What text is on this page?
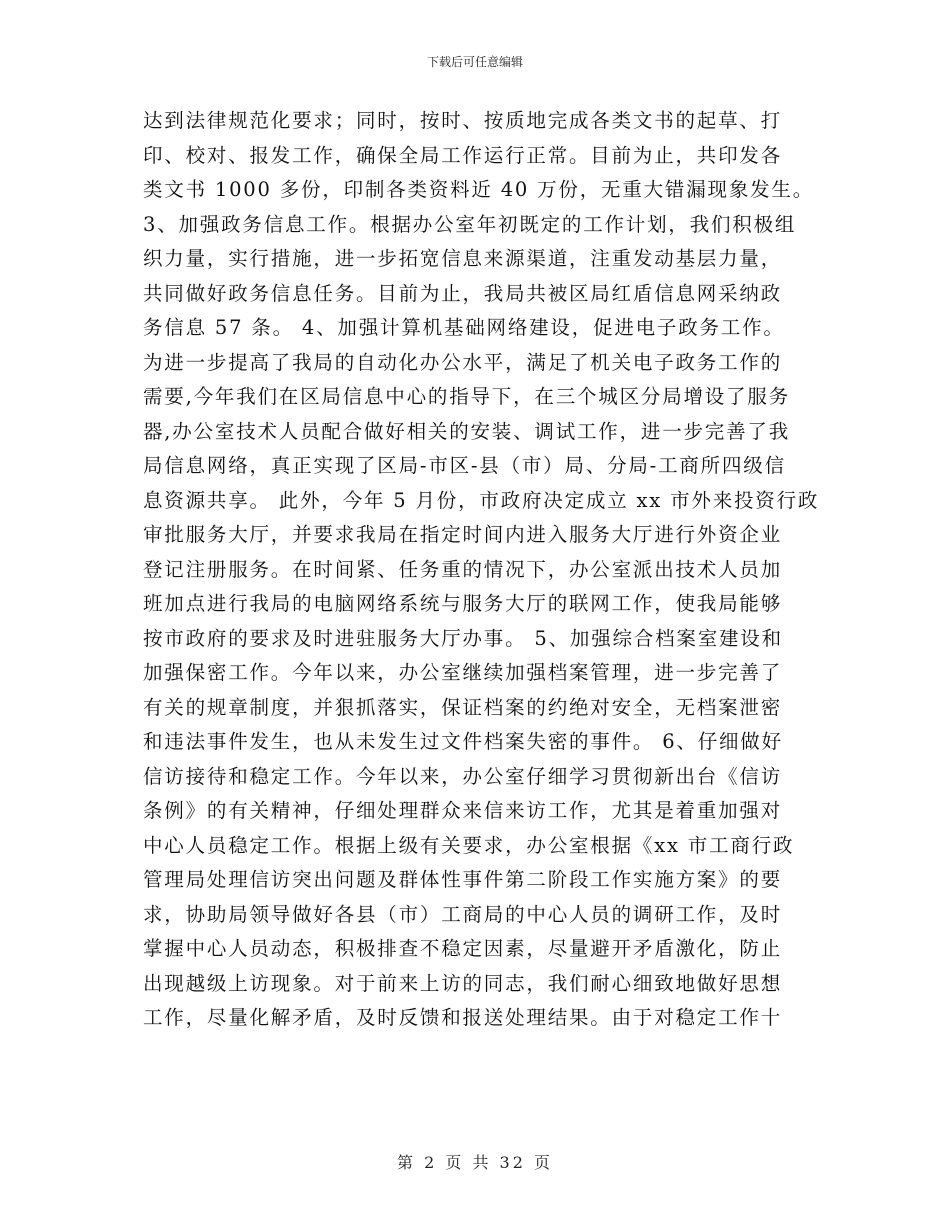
下载后可任意编辑
达到法律规范化要求；同时，按时、按质地完成各类文书的起草、打
印、校对、报发工作，确保全局工作运行正常。目前为止，共印发各
类文书 1000 多份，印制各类资料近 40 万份，无重大错漏现象发生。
3、加强政务信息工作。根据办公室年初既定的工作计划，我们积极组
织力量，实行措施，进一步拓宽信息来源渠道，注重发动基层力量，
共同做好政务信息任务。目前为止，我局共被区局红盾信息网采纳政
务信息 57 条。 4、加强计算机基础网络建设，促进电子政务工作。
为进一步提高了我局的自动化办公水平，满足了机关电子政务工作的
需要,今年我们在区局信息中心的指导下，在三个城区分局增设了服务
器,办公室技术人员配合做好相关的安装、调试工作，进一步完善了我
局信息网络，真正实现了区局-市区-县（市）局、分局-工商所四级信
息资源共享。 此外，今年 5 月份，市政府决定成立 xx 市外来投资行政
审批服务大厅，并要求我局在指定时间内进入服务大厅进行外资企业
登记注册服务。在时间紧、任务重的情况下，办公室派出技术人员加
班加点进行我局的电脑网络系统与服务大厅的联网工作，使我局能够
按市政府的要求及时进驻服务大厅办事。 5、加强综合档案室建设和
加强保密工作。今年以来，办公室继续加强档案管理，进一步完善了
有关的规章制度，并狠抓落实，保证档案的约绝对安全，无档案泄密
和违法事件发生，也从未发生过文件档案失密的事件。 6、仔细做好
信访接待和稳定工作。今年以来，办公室仔细学习贯彻新出台《信访
条例》的有关精神，仔细处理群众来信来访工作，尤其是着重加强对
中心人员稳定工作。根据上级有关要求，办公室根据《xx 市工商行政
管理局处理信访突出问题及群体性事件第二阶段工作实施方案》的要
求，协助局领导做好各县（市）工商局的中心人员的调研工作，及时
掌握中心人员动态，积极排查不稳定因素，尽量避开矛盾激化，防止
出现越级上访现象。对于前来上访的同志，我们耐心细致地做好思想
工作，尽量化解矛盾，及时反馈和报送处理结果。由于对稳定工作十
第 2 页 共 32 页
